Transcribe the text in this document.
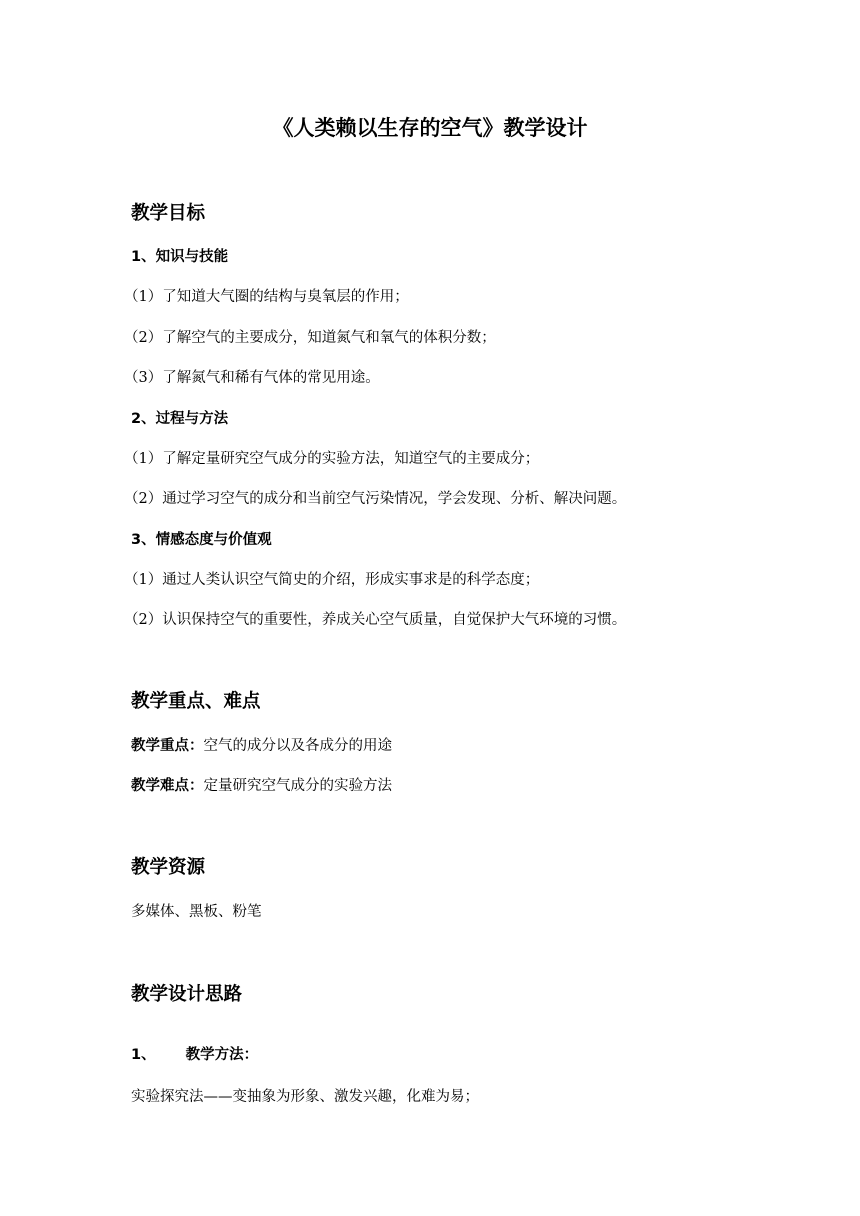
《人类赖以生存的空气》教学设计
教学目标
1、知识与技能
（1）了知道大气圈的结构与臭氧层的作用；
（2）了解空气的主要成分，知道氮气和氧气的体积分数；
（3）了解氮气和稀有气体的常见用途。
2、过程与方法
（1）了解定量研究空气成分的实验方法，知道空气的主要成分；
（2）通过学习空气的成分和当前空气污染情况，学会发现、分析、解决问题。
3、情感态度与价值观
（1）通过人类认识空气简史的介绍，形成实事求是的科学态度；
（2）认识保持空气的重要性，养成关心空气质量，自觉保护大气环境的习惯。
教学重点、难点
教学重点：空气的成分以及各成分的用途
教学难点：定量研究空气成分的实验方法
教学资源
多媒体、黑板、粉笔
教学设计思路
1、 教学方法：
实验探究法——变抽象为形象、激发兴趣，化难为易；
